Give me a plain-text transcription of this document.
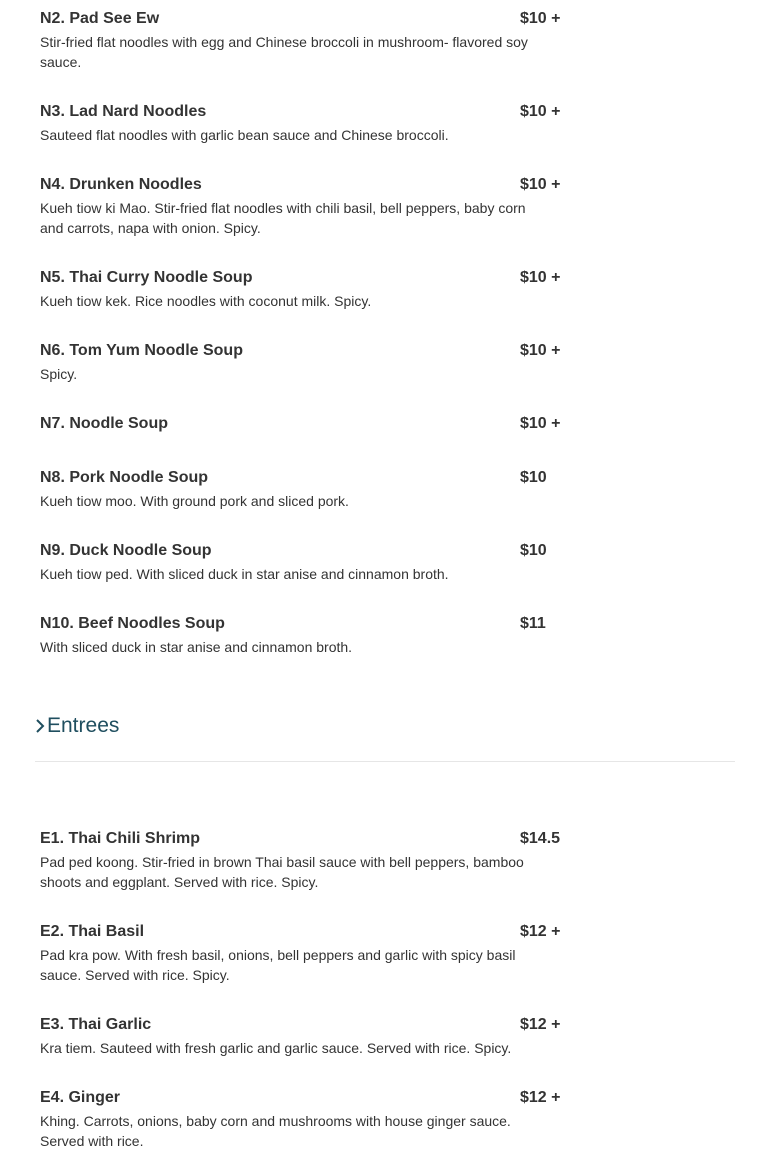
N2. Pad See Ew	$10 +
Stir-fried flat noodles with egg and Chinese broccoli in mushroom- flavored soy sauce.
N3. Lad Nard Noodles	$10 +
Sauteed flat noodles with garlic bean sauce and Chinese broccoli.
N4. Drunken Noodles	$10 +
Kueh tiow ki Mao. Stir-fried flat noodles with chili basil, bell peppers, baby corn and carrots, napa with onion. Spicy.
N5. Thai Curry Noodle Soup	$10 +
Kueh tiow kek. Rice noodles with coconut milk. Spicy.
N6. Tom Yum Noodle Soup	$10 +
Spicy.
N7. Noodle Soup	$10 +
N8. Pork Noodle Soup	$10
Kueh tiow moo. With ground pork and sliced pork.
N9. Duck Noodle Soup	$10
Kueh tiow ped. With sliced duck in star anise and cinnamon broth.
N10. Beef Noodles Soup	$11
With sliced duck in star anise and cinnamon broth.
Entrees
E1. Thai Chili Shrimp	$14.5
Pad ped koong. Stir-fried in brown Thai basil sauce with bell peppers, bamboo shoots and eggplant. Served with rice. Spicy.
E2. Thai Basil	$12 +
Pad kra pow. With fresh basil, onions, bell peppers and garlic with spicy basil sauce. Served with rice. Spicy.
E3. Thai Garlic	$12 +
Kra tiem. Sauteed with fresh garlic and garlic sauce. Served with rice. Spicy.
E4. Ginger	$12 +
Khing. Carrots, onions, baby corn and mushrooms with house ginger sauce. Served with rice.
